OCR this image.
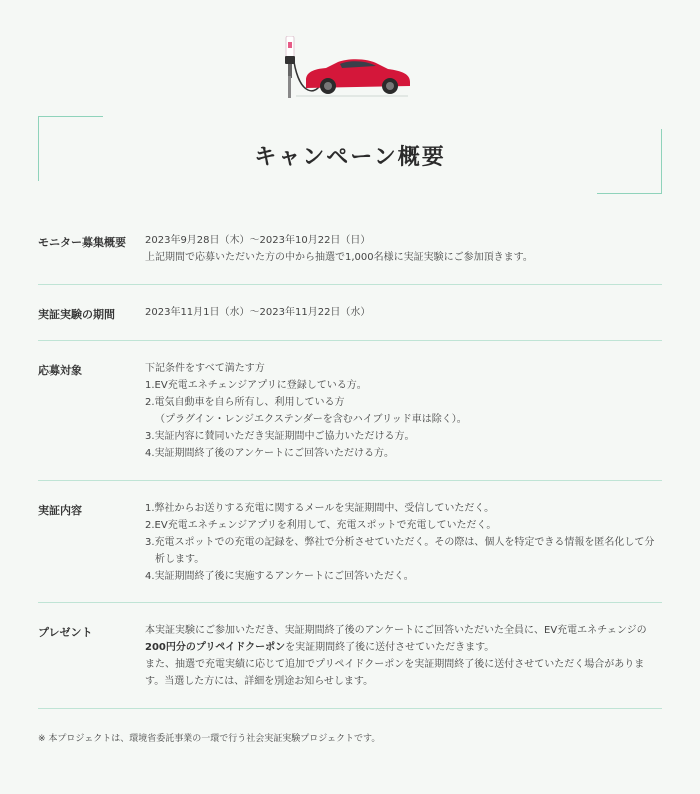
キャンペーン概要
モニター募集概要 2023年9月28日（木）～2023年10月22日（日）

上記期間で応募いただいた方の中から抽選で1,000名様に実証実験にご参加頂きます。

実証実験の期間	2023年11月1日（水）～2023年11月22日（水）

応募対象	下記条件をすべて満たす方

1.EV充電エネチェンジアプリに登録している方。

2.電気自動車を自ら所有し、利用している方

（プラグイン・レンジエクステンダーを含むハイブリッド車は除く）。

3.実証内容に賛同いただき実証期間中ご協力いただける方。

4.実証期間終了後のアンケートにご回答いただける方。

実証内容	1.弊社からお送りする充電に関するメールを実証期間中、受信していただく。

2.EV充電エネチェンジアプリを利用して、充電スポットで充電していただく。

3.充電スポットでの充電の記録を、弊社で分析させていただく。その際は、個人を特定できる情報を匿名化して分析します。

4.実証期間終了後に実施するアンケートにご回答いただく。

プレゼント	本実証実験にご参加いただき、実証期間終了後のアンケートにご回答いただいた全員に、EV充電エネチェンジの200円分のプリペイドクーポンを実証期間終了後に送付させていただきます。

また、抽選で充電実績に応じて追加でプリペイドクーポンを実証期間終了後に送付させていただく場合があります。当選した方には、詳細を別途お知らせします。

※ 本プロジェクトは、環境省委託事業の一環で行う社会実証実験プロジェクトです。
